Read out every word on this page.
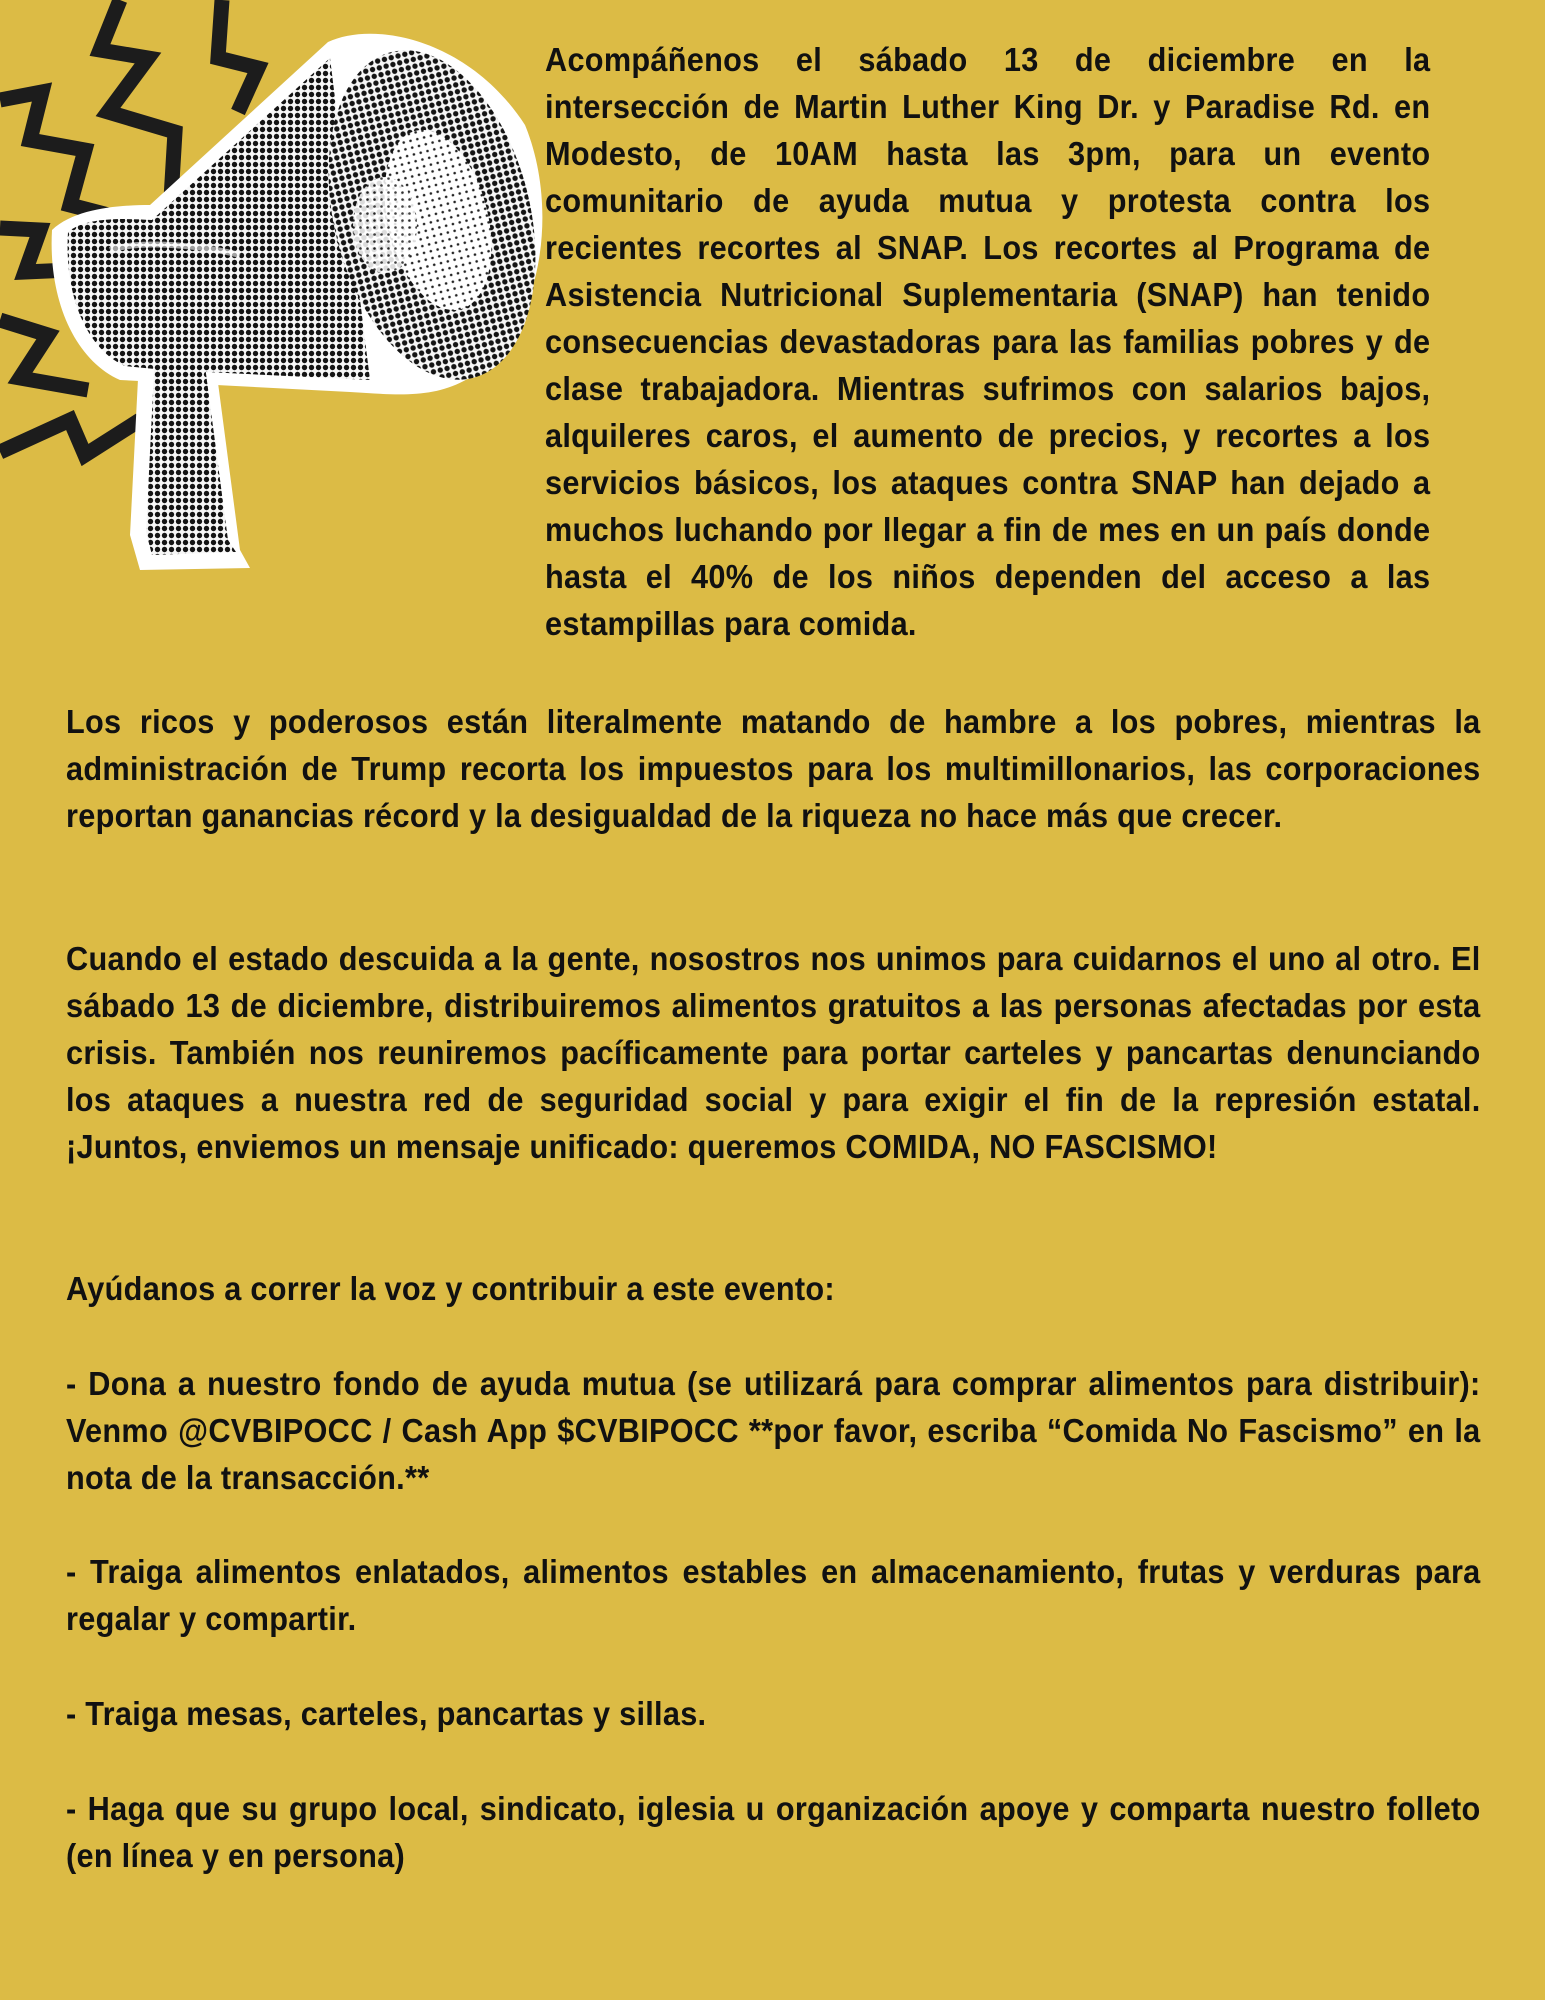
Acompáñenos el sábado 13 de diciembre en la intersección de Martin Luther King Dr. y Paradise Rd. en Modesto, de 10AM hasta las 3pm, para un evento comunitario de ayuda mutua y protesta contra los recientes recortes al SNAP. Los recortes al Programa de Asistencia Nutricional Suplementaria (SNAP) han tenido consecuencias devastadoras para las familias pobres y de clase trabajadora. Mientras sufrimos con salarios bajos, alquileres caros, el aumento de precios, y recortes a los servicios básicos, los ataques contra SNAP han dejado a muchos luchando por llegar a fin de mes en un país donde hasta el 40% de los niños dependen del acceso a las estampillas para comida.

Los ricos y poderosos están literalmente matando de hambre a los pobres, mientras la administración de Trump recorta los impuestos para los multimillonarios, las corporaciones reportan ganancias récord y la desigualdad de la riqueza no hace más que crecer.

Cuando el estado descuida a la gente, nosostros nos unimos para cuidarnos el uno al otro. El sábado 13 de diciembre, distribuiremos alimentos gratuitos a las personas afectadas por esta crisis. También nos reuniremos pacíficamente para portar carteles y pancartas denunciando los ataques a nuestra red de seguridad social y para exigir el fin de la represión estatal. ¡Juntos, enviemos un mensaje unificado: queremos COMIDA, NO FASCISMO!

Ayúdanos a correr la voz y contribuir a este evento:

- Dona a nuestro fondo de ayuda mutua (se utilizará para comprar alimentos para distribuir): Venmo @CVBIPOCC / Cash App $CVBIPOCC **por favor, escriba “Comida No Fascismo” en la nota de la transacción.**

- Traiga alimentos enlatados, alimentos estables en almacenamiento, frutas y verduras para regalar y compartir.

- Traiga mesas, carteles, pancartas y sillas.

- Haga que su grupo local, sindicato, iglesia u organización apoye y comparta nuestro folleto (en línea y en persona)
